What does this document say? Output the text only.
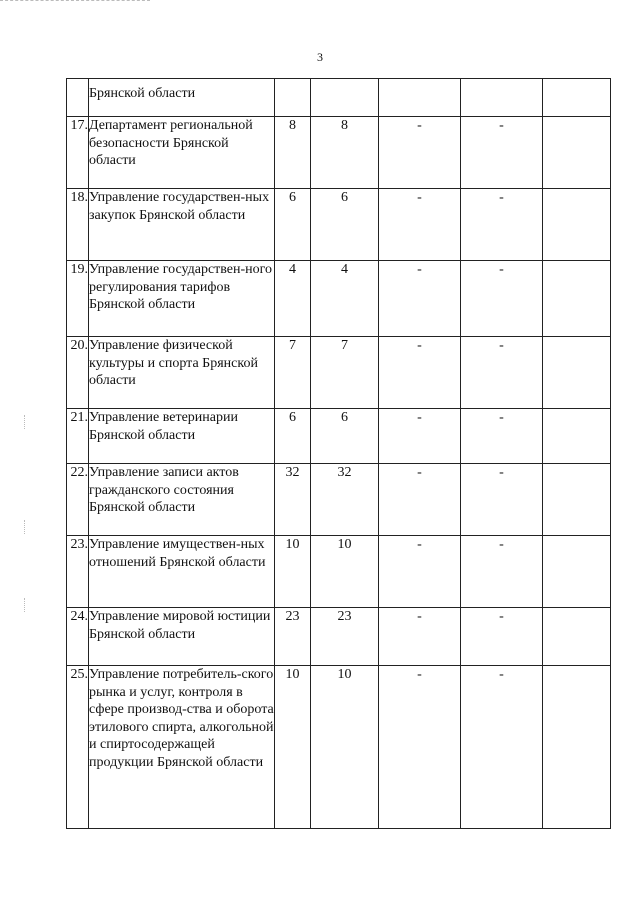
3
	Брянской области					
17.	Департамент региональной безопасности Брянской области	8	8	-	-	
18.	Управление государствен-ных закупок Брянской области	6	6	-	-	
19.	Управление государствен-ного регулирования тарифов Брянской области	4	4	-	-	
20.	Управление физической культуры и спорта Брянской области	7	7	-	-	
21.	Управление ветеринарии Брянской области	6	6	-	-	
22.	Управление записи актов гражданского состояния Брянской области	32	32	-	-	
23.	Управление имуществен-ных отношений Брянской области	10	10	-	-	
24.	Управление мировой юстиции Брянской области	23	23	-	-	
25.	Управление потребитель-ского рынка и услуг, контроля в сфере производ-ства и оборота этилового спирта, алкогольной и спиртосодержащей продукции Брянской области	10	10	-	-	
